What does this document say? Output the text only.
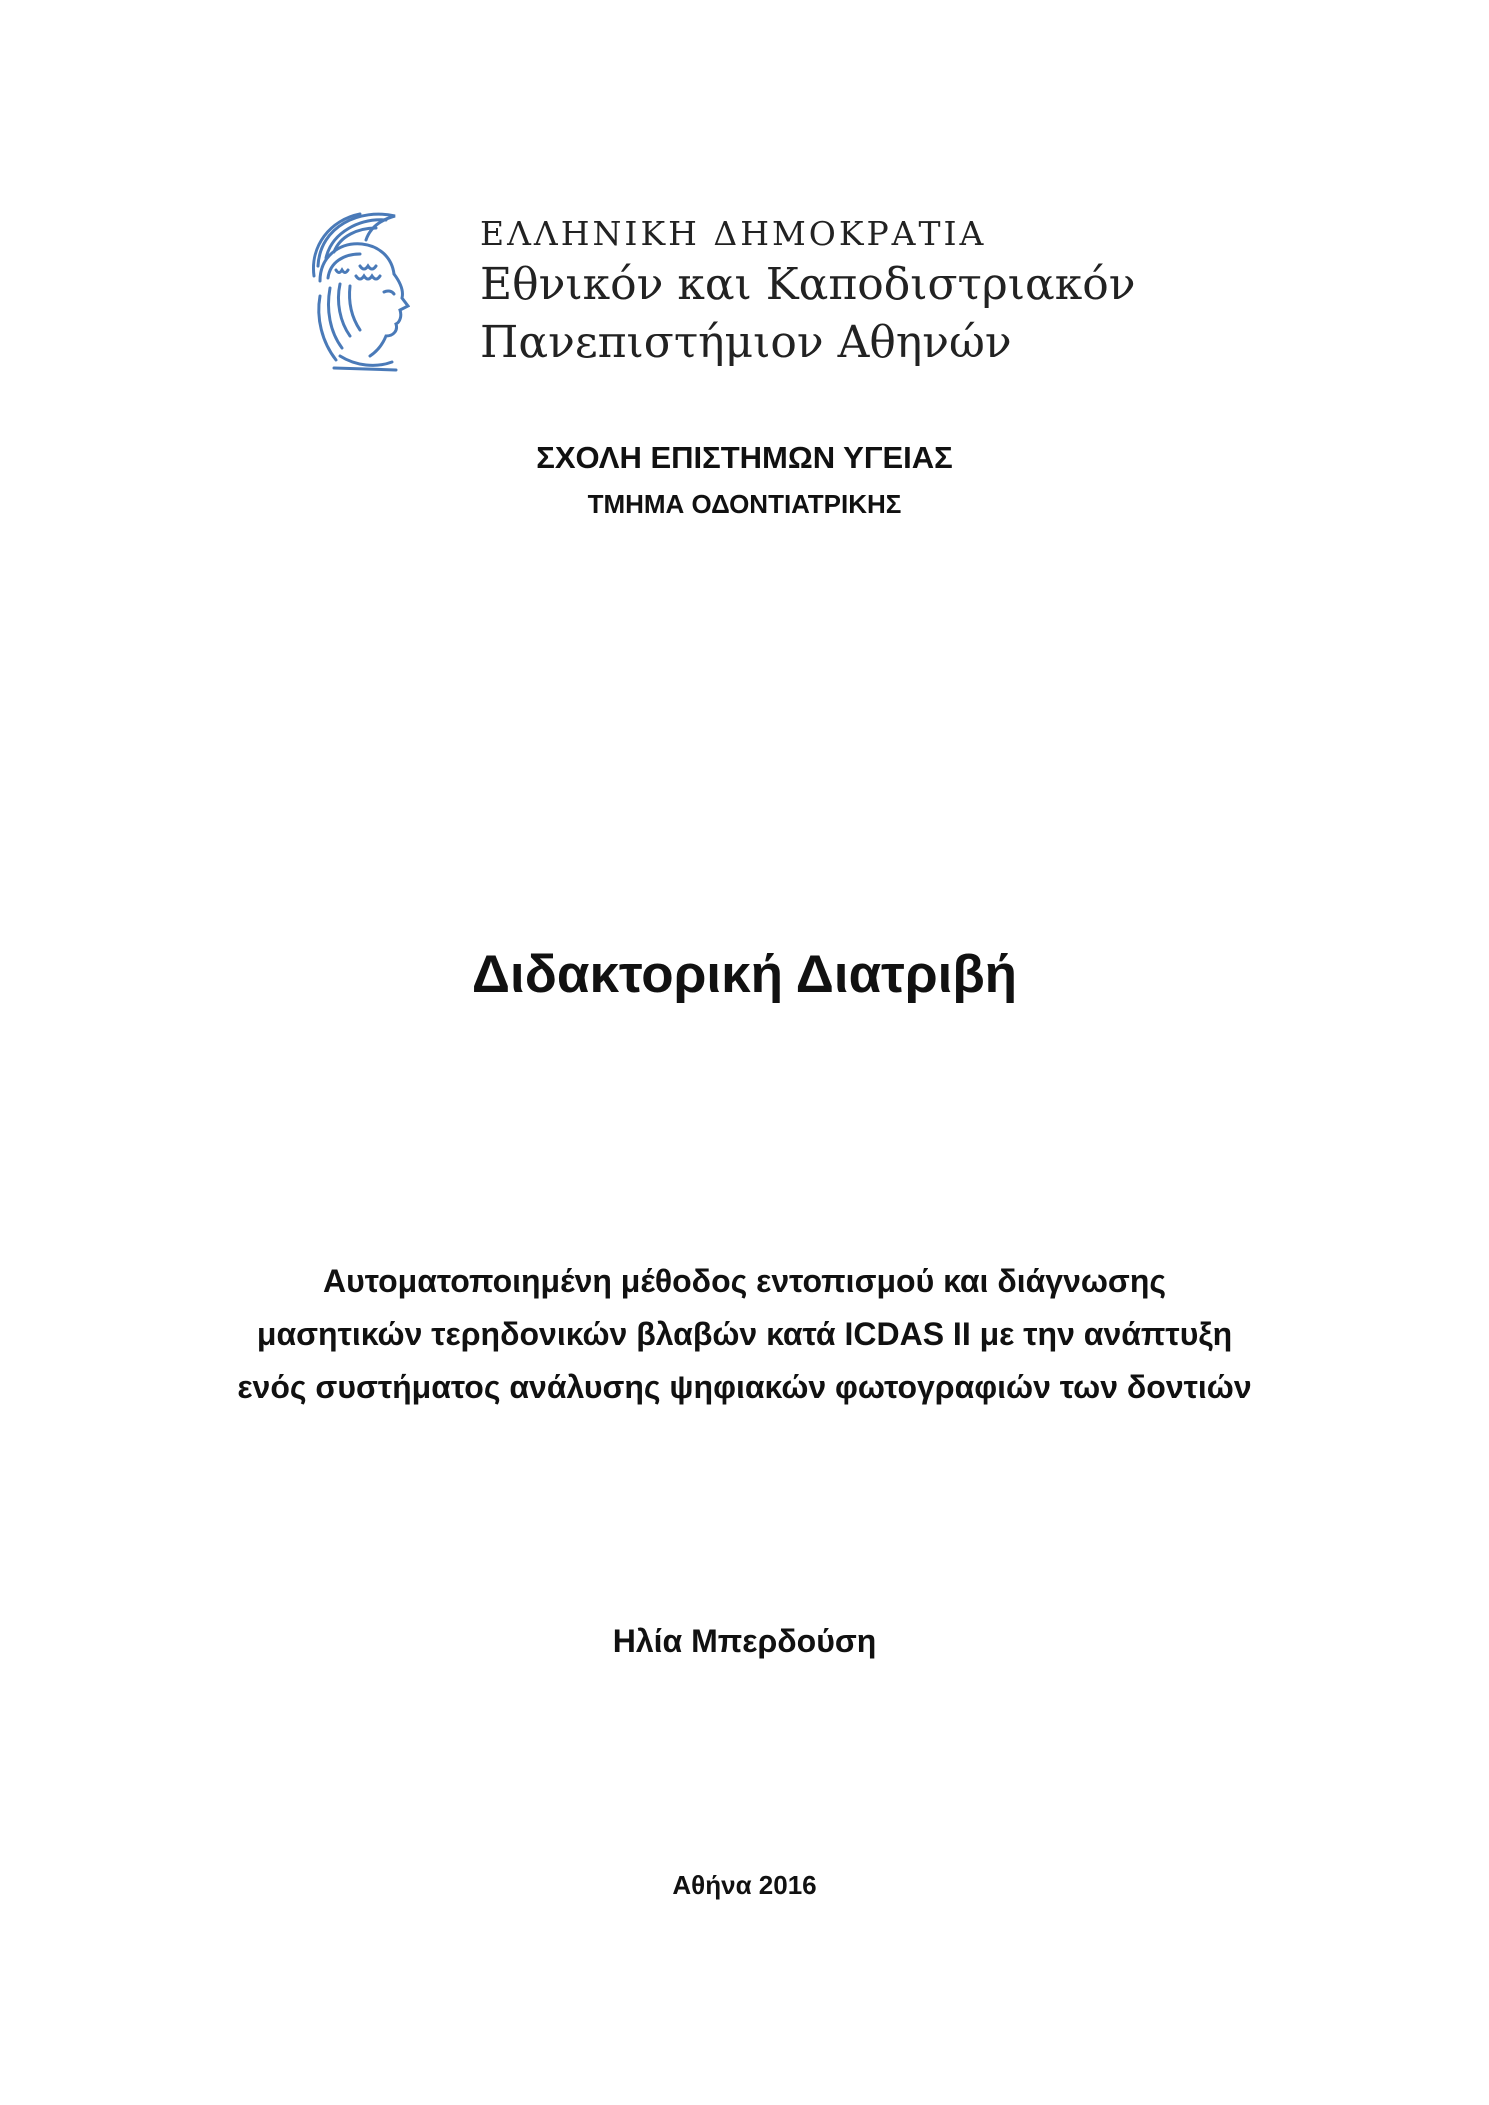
ΕΛΛΗΝΙΚΗ ΔΗΜΟΚΡΑΤΙΑ
Εθνικόν και Καποδιστριακόν
Πανεπιστήμιον Αθηνών
ΣΧΟΛΗ ΕΠΙΣΤΗΜΩΝ ΥΓΕΙΑΣ
ΤΜΗΜΑ ΟΔΟΝΤΙΑΤΡΙΚΗΣ
Διδακτορική Διατριβή
Αυτοματοποιημένη μέθοδος εντοπισμού και διάγνωσης
μασητικών τερηδονικών βλαβών κατά ICDAS II με την ανάπτυξη
ενός συστήματος ανάλυσης ψηφιακών φωτογραφιών των δοντιών
Ηλία Μπερδούση
Αθήνα 2016
